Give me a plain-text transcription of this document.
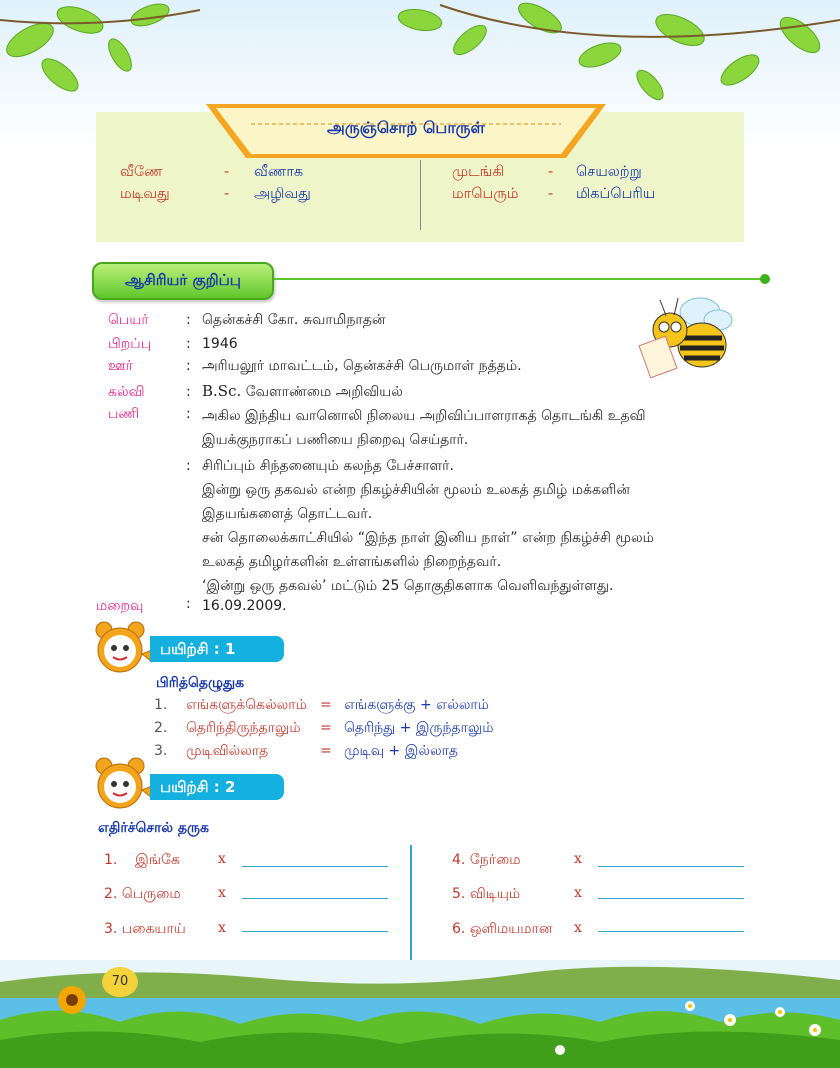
அருஞ்சொற் பொருள்
வீணே	- வீணாக
மடிவது	- அழிவது
முடங்கி	- செயலற்று
மாபெரும் - மிகப்பெரிய
ஆசிரியர் குறிப்பு
பெயர்	: தென்கச்சி கோ. சுவாமிநாதன்
பிறப்பு : 1946
ஊர்	: அரியலூர் மாவட்டம், தென்கச்சி பெருமாள் நத்தம்.
கல்வி	: B.Sc. வேளாண்மை அறிவியல்
பணி	: அகில இந்திய வானொலி நிலைய அறிவிப்பாளராகத் தொடங்கி உதவி
இயக்குநராகப் பணியை நிறைவு செய்தார்.
: சிரிப்பும் சிந்தனையும் கலந்த பேச்சாளர்.
இன்று ஒரு தகவல் என்ற நிகழ்ச்சியின் மூலம் உலகத் தமிழ் மக்களின்
இதயங்களைத் தொட்டவர்.
சன் தொலைக்காட்சியில் “இந்த நாள் இனிய நாள்” என்ற நிகழ்ச்சி மூலம்
உலகத் தமிழர்களின் உள்ளங்களில் நிறைந்தவர்.
‘இன்று ஒரு தகவல்’ மட்டும் 25 தொகுதிகளாக வெளிவந்துள்ளது.
மறைவு	: 16.09.2009.
பயிற்சி : 1
பிரித்தெழுதுக
1. எங்களுக்கெல்லாம் = எங்களுக்கு + எல்லாம்
2. தெரிந்திருந்தாலும் = தெரிந்து + இருந்தாலும்
3. முடிவில்லாத	= முடிவு + இல்லாத
பயிற்சி : 2
எதிர்ச்சொல் தருக
1. இங்கே	x
2. பெருமை	x
3. பகையாய் x
4. நேர்மை	x
5. விடியும்	x
6. ஒளிமயமான x
70
